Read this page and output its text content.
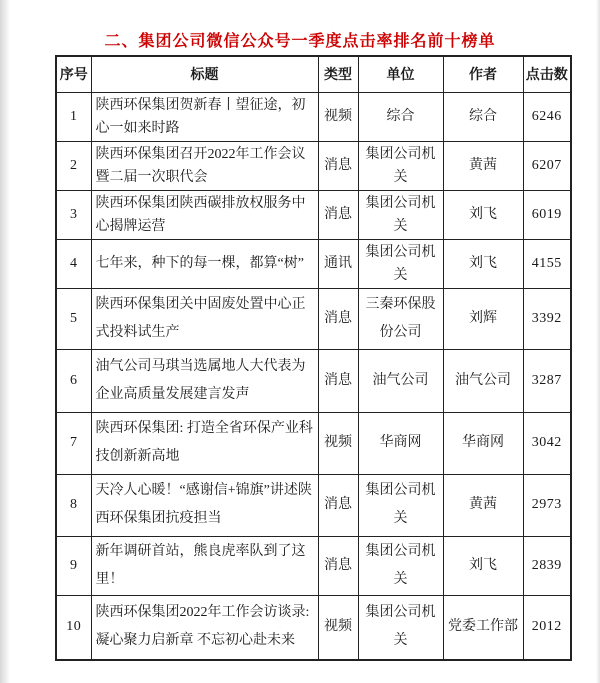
二、集团公司微信公众号一季度点击率排名前十榜单
序号	标题	类型	单位	作者	点击数
1	陕西环保集团贺新春丨望征途，初心一如来时路	视频	综合	综合	6246
2	陕西环保集团召开2022年工作会议暨二届一次职代会	消息	集团公司机关	黄茜	6207
3	陕西环保集团陕西碳排放权服务中心揭牌运营	消息	集团公司机关	刘飞	6019
4	七年来，种下的每一棵，都算“树”	通讯	集团公司机关	刘飞	4155
5	陕西环保集团关中固废处置中心正式投料试生产	消息	三秦环保股份公司	刘辉	3392
6	油气公司马琪当选属地人大代表为企业高质量发展建言发声	消息	油气公司	油气公司	3287
7	陕西环保集团: 打造全省环保产业科技创新新高地	视频	华商网	华商网	3042
8	天冷人心暖！“感谢信+锦旗”讲述陕西环保集团抗疫担当	消息	集团公司机关	黄茜	2973
9	新年调研首站，熊良虎率队到了这里！	消息	集团公司机关	刘飞	2839
10	陕西环保集团2022年工作会访谈录:凝心聚力启新章 不忘初心赴未来	视频	集团公司机关	党委工作部	2012
